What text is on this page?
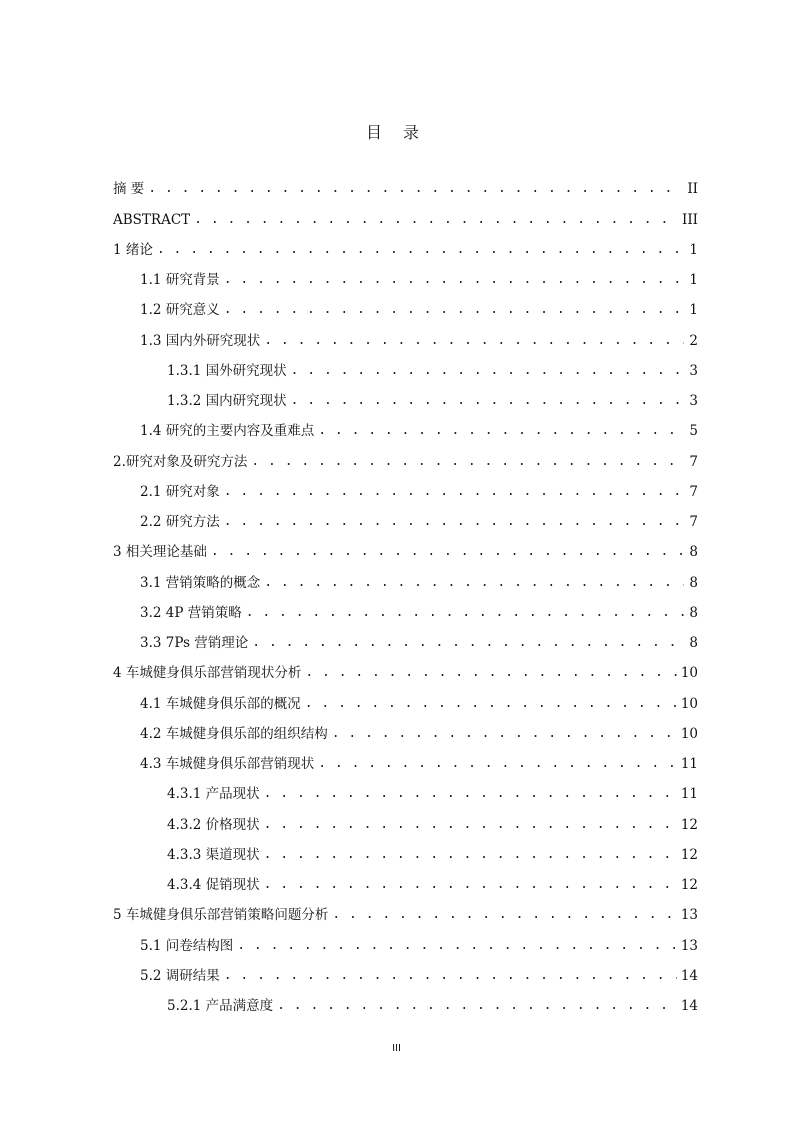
目 录
摘 要 . . .	II
ABSTRACT . . .	III
1 绪论 . . .	1
1.1 研究背景 . . .	1
1.2 研究意义 . . .	1
1.3 国内外研究现状 . . .	2
1.3.1 国外研究现状 . . .	3
1.3.2 国内研究现状 . . .	3
1.4 研究的主要内容及重难点 . . .	5
2.研究对象及研究方法 . . .	7
2.1 研究对象 . . .	7
2.2 研究方法 . . .	7
3 相关理论基础 . . .	8
3.1 营销策略的概念 . . .	8
3.2 4P 营销策略 . . .	8
3.3 7Ps 营销理论 . . .	8
4 车城健身俱乐部营销现状分析 . . .	10
4.1 车城健身俱乐部的概况 . . .	10
4.2 车城健身俱乐部的组织结构 . . .	10
4.3 车城健身俱乐部营销现状 . . .	11
4.3.1 产品现状 . . .	11
4.3.2 价格现状 . . .	12
4.3.3 渠道现状 . . .	12
4.3.4 促销现状 . . .	12
5 车城健身俱乐部营销策略问题分析 . . .	13
5.1 问卷结构图 . . .	13
5.2 调研结果 . . .	14
5.2.1 产品满意度 . . .	14
III
